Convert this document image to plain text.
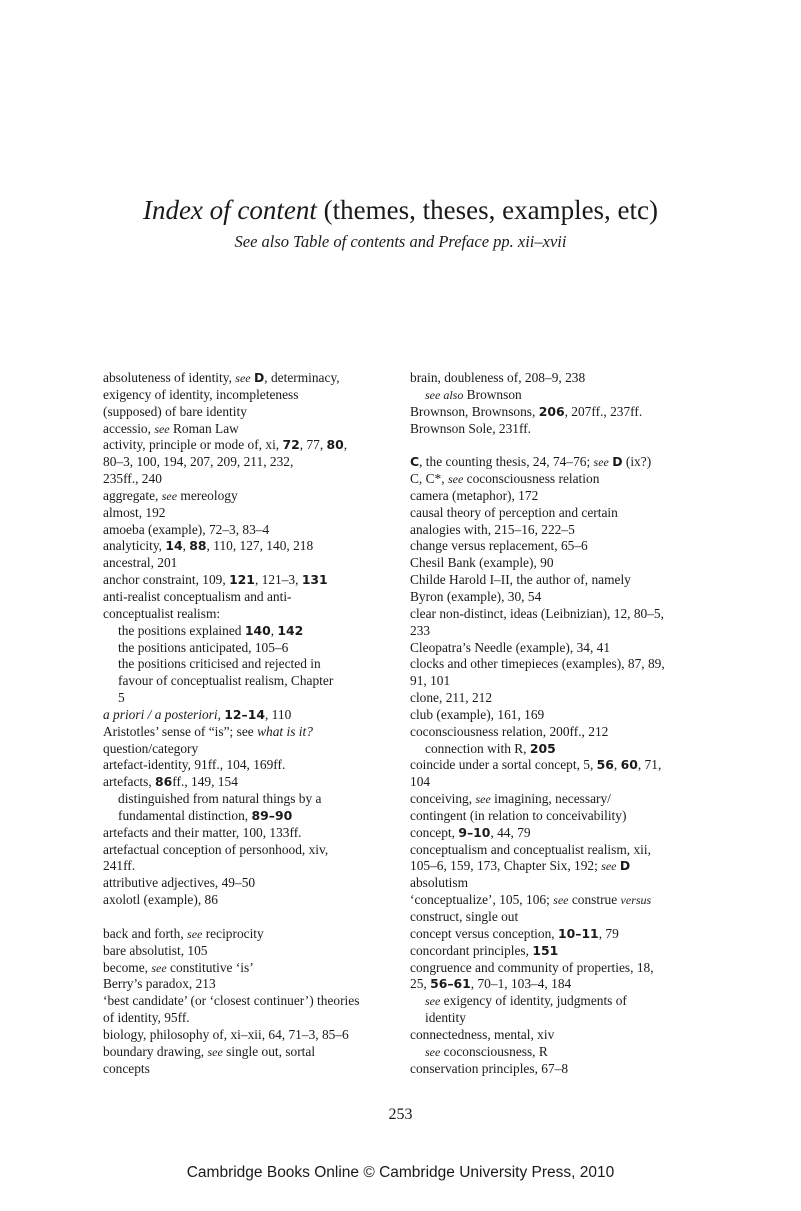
Index of content (themes, theses, examples, etc)
See also Table of contents and Preface pp. xii–xvii

absoluteness of identity, see D, determinacy,

exigency of identity, incompleteness

(supposed) of bare identity

accessio, see Roman Law

activity, principle or mode of, xi, 72, 77, 80,

80–3, 100, 194, 207, 209, 211, 232,

235ff., 240

aggregate, see mereology

almost, 192

amoeba (example), 72–3, 83–4

analyticity, 14, 88, 110, 127, 140, 218

ancestral, 201

anchor constraint, 109, 121, 121–3, 131

anti-realist conceptualism and anti-

conceptualist realism:

the positions explained 140, 142

the positions anticipated, 105–6

the positions criticised and rejected in

favour of conceptualist realism, Chapter

5

a priori / a posteriori, 12–14, 110

Aristotles’ sense of “is”; see what is it?

question/category

artefact-identity, 91ff., 104, 169ff.

artefacts, 86ff., 149, 154

distinguished from natural things by a

fundamental distinction, 89–90

artefacts and their matter, 100, 133ff.

artefactual conception of personhood, xiv,

241ff.

attributive adjectives, 49–50

axolotl (example), 86

back and forth, see reciprocity

bare absolutist, 105

become, see constitutive ‘is’

Berry’s paradox, 213

‘best candidate’ (or ‘closest continuer’) theories

of identity, 95ff.

biology, philosophy of, xi–xii, 64, 71–3, 85–6

boundary drawing, see single out, sortal

concepts

brain, doubleness of, 208–9, 238

see also Brownson

Brownson, Brownsons, 206, 207ff., 237ff.

Brownson Sole, 231ff.

C, the counting thesis, 24, 74–76; see D (ix?)

C, C*, see coconsciousness relation

camera (metaphor), 172

causal theory of perception and certain

analogies with, 215–16, 222–5

change versus replacement, 65–6

Chesil Bank (example), 90

Childe Harold I–II, the author of, namely

Byron (example), 30, 54

clear non-distinct, ideas (Leibnizian), 12, 80–5,

233

Cleopatra’s Needle (example), 34, 41

clocks and other timepieces (examples), 87, 89,

91, 101

clone, 211, 212

club (example), 161, 169

coconsciousness relation, 200ff., 212

connection with R, 205

coincide under a sortal concept, 5, 56, 60, 71,

104

conceiving, see imagining, necessary/

contingent (in relation to conceivability)

concept, 9–10, 44, 79

conceptualism and conceptualist realism, xii,

105–6, 159, 173, Chapter Six, 192; see D

absolutism

‘conceptualize’, 105, 106; see construe versus

construct, single out

concept versus conception, 10–11, 79

concordant principles, 151

congruence and community of properties, 18,

25, 56–61, 70–1, 103–4, 184

see exigency of identity, judgments of

identity

connectedness, mental, xiv

see coconsciousness, R

conservation principles, 67–8

253
Cambridge Books Online © Cambridge University Press, 2010
